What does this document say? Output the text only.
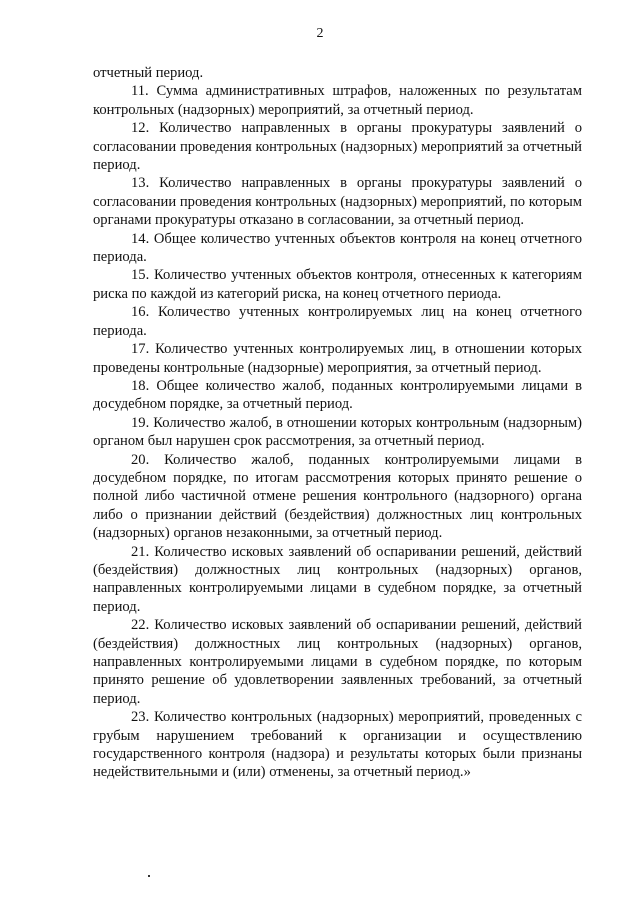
2

отчетный период.

11. Сумма административных штрафов, наложенных по результатам контрольных (надзорных) мероприятий, за отчетный период.

12. Количество направленных в органы прокуратуры заявлений о согласовании проведения контрольных (надзорных) мероприятий за отчетный период.

13. Количество направленных в органы прокуратуры заявлений о согласовании проведения контрольных (надзорных) мероприятий, по которым органами прокуратуры отказано в согласовании, за отчетный период.

14. Общее количество учтенных объектов контроля на конец отчетного периода.

15. Количество учтенных объектов контроля, отнесенных к категориям риска по каждой из категорий риска, на конец отчетного периода.

16. Количество учтенных контролируемых лиц на конец отчетного периода.

17. Количество учтенных контролируемых лиц, в отношении которых проведены контрольные (надзорные) мероприятия, за отчетный период.

18. Общее количество жалоб, поданных контролируемыми лицами в досудебном порядке, за отчетный период.

19. Количество жалоб, в отношении которых контрольным (надзорным) органом был нарушен срок рассмотрения, за отчетный период.

20. Количество жалоб, поданных контролируемыми лицами в досудебном порядке, по итогам рассмотрения которых принято решение о полной либо частичной отмене решения контрольного (надзорного) органа либо о признании действий (бездействия) должностных лиц контрольных (надзорных) органов незаконными, за отчетный период.

21. Количество исковых заявлений об оспаривании решений, действий (бездействия) должностных лиц контрольных (надзорных) органов, направленных контролируемыми лицами в судебном порядке, за отчетный период.

22. Количество исковых заявлений об оспаривании решений, действий (бездействия) должностных лиц контрольных (надзорных) органов, направленных контролируемыми лицами в судебном порядке, по которым принято решение об удовлетворении заявленных требований, за отчетный период.

23. Количество контрольных (надзорных) мероприятий, проведенных с грубым нарушением требований к организации и осуществлению государственного контроля (надзора) и результаты которых были признаны недействительными и (или) отменены, за отчетный период.»
